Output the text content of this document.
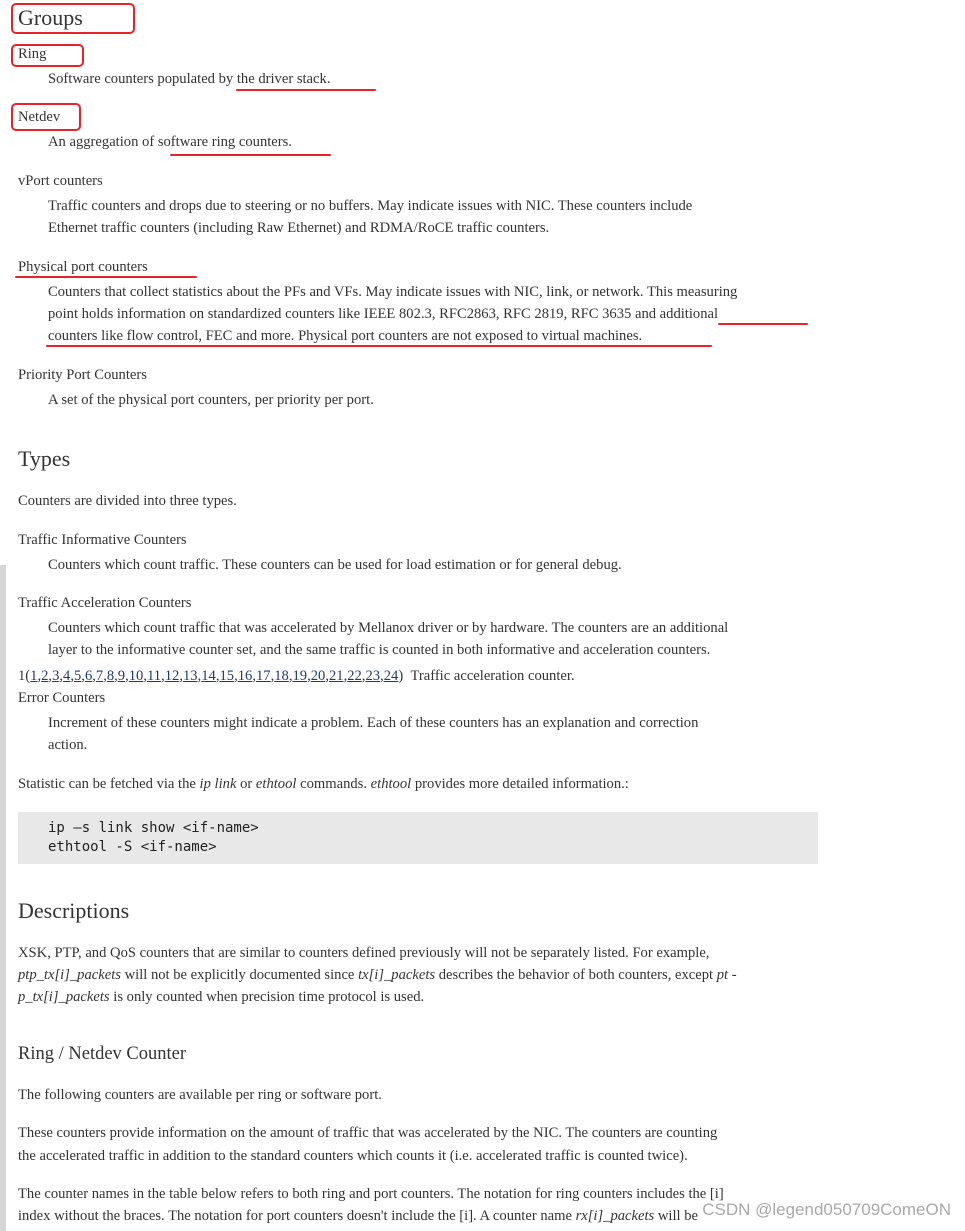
Groups
Ring
Software counters populated by the driver stack.
Netdev
An aggregation of software ring counters.
vPort counters
Traffic counters and drops due to steering or no buffers. May indicate issues with NIC. These counters include
Ethernet traffic counters (including Raw Ethernet) and RDMA/RoCE traffic counters.
Physical port counters
Counters that collect statistics about the PFs and VFs. May indicate issues with NIC, link, or network. This measuring
point holds information on standardized counters like IEEE 802.3, RFC2863, RFC 2819, RFC 3635 and additional
counters like flow control, FEC and more. Physical port counters are not exposed to virtual machines.
Priority Port Counters
A set of the physical port counters, per priority per port.
Types
Counters are divided into three types.
Traffic Informative Counters
Counters which count traffic. These counters can be used for load estimation or for general debug.
Traffic Acceleration Counters
Counters which count traffic that was accelerated by Mellanox driver or by hardware. The counters are an additional
layer to the informative counter set, and the same traffic is counted in both informative and acceleration counters.
1(1,2,3,4,5,6,7,8,9,10,11,12,13,14,15,16,17,18,19,20,21,22,23,24)  Traffic acceleration counter.
Error Counters
Increment of these counters might indicate a problem. Each of these counters has an explanation and correction
action.
Statistic can be fetched via the ip link or ethtool commands. ethtool provides more detailed information.:
ip –s link show <if-name>
ethtool -S <if-name>
Descriptions
XSK, PTP, and QoS counters that are similar to counters defined previously will not be separately listed. For example,
ptp_tx[i]_packets will not be explicitly documented since tx[i]_packets describes the behavior of both counters, except pt -
p_tx[i]_packets is only counted when precision time protocol is used.
Ring / Netdev Counter
The following counters are available per ring or software port.
These counters provide information on the amount of traffic that was accelerated by the NIC. The counters are counting
the accelerated traffic in addition to the standard counters which counts it (i.e. accelerated traffic is counted twice).
The counter names in the table below refers to both ring and port counters. The notation for ring counters includes the [i]
index without the braces. The notation for port counters doesn't include the [i]. A counter name rx[i]_packets will be CSDN @legend050709ComeON
